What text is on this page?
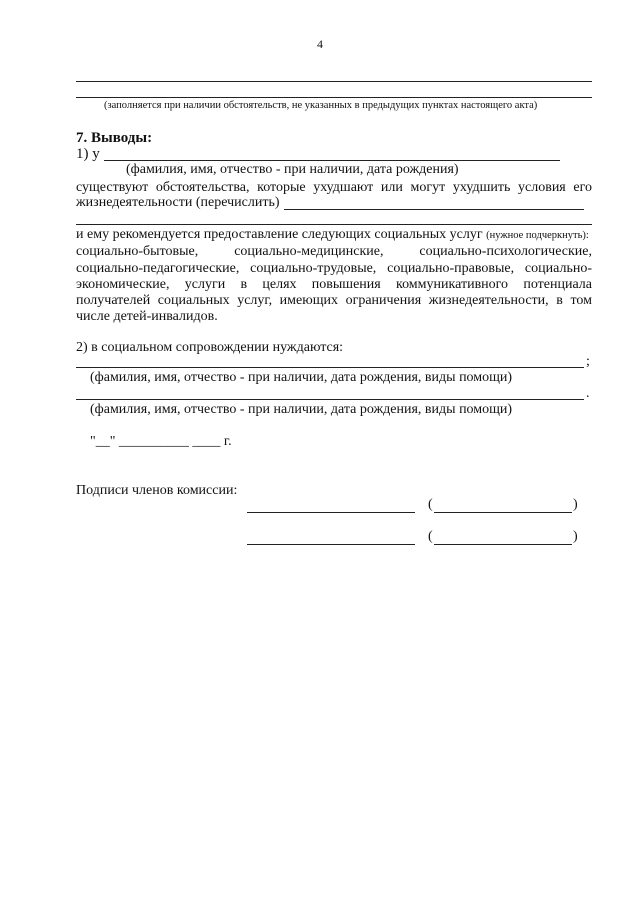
4
(заполняется при наличии обстоятельств, не указанных в предыдущих пунктах настоящего акта)
7. Выводы:
1) у
(фамилия, имя, отчество - при наличии, дата рождения)
существуют обстоятельства, которые ухудшают или могут ухудшить условия его
жизнедеятельности (перечислить)
и ему рекомендуется предоставление следующих социальных услуг (нужное подчеркнуть):
социально-бытовые, социально-медицинские, социально-психологические,
социально-педагогические, социально-трудовые, социально-правовые, социально-
экономические, услуги в целях повышения коммуникативного потенциала
получателей социальных услуг, имеющих ограничения жизнедеятельности, в том
числе детей-инвалидов.
2) в социальном сопровождении нуждаются:
;
(фамилия, имя, отчество - при наличии, дата рождения, виды помощи)
.
(фамилия, имя, отчество - при наличии, дата рождения, виды помощи)
"__" __________ ____ г.
Подписи членов комиссии:
(	)
(	)
